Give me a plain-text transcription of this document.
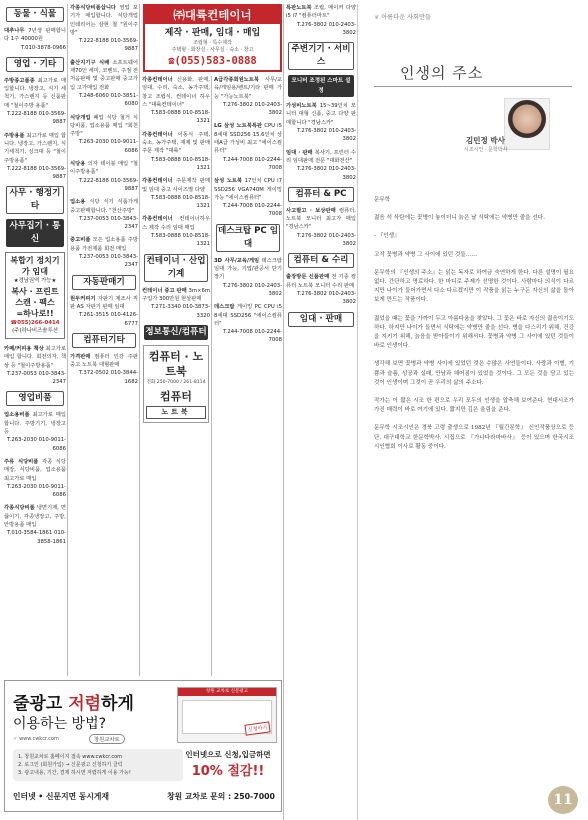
동물 · 식물
대추나무 7년생 판매합니다 1주 40000원
T.010-3878-0966
영업 · 기타
주방종고품종 최고가로 매입합니다. 냉장고, 식기 세척기, 가스렌지 등 신품판매 "철이주방 용품"
T.222-8188 010-3569-9887
주방용품 최고가로 매입 합니다. 냉장고, 가스렌지, 식기세척기, 싱크대 등 "철이주방용품"
T.222-8188 010-3569-9887
사무 · 행정기타
사무집기 · 통신
복합기 정치기가 임대
★경남권역 가능★
복사 · 프린트
스캔 · 팩스
=하나로!!
☎055)266-0414
(주)하나비즈솔루션
카페/커피용 책상 최고가로 매입 합니다. 회전의자, 책상 등 "철이주방용품"
T.237-0053 010-3843-2347
영업비품
업소용비품 최고가로 매입합니다. 주방기기, 냉장고 등
T.263-2030 010-9011-6086
주류 식당비품 각종 식당 매장, 식당비품, 업소용품 최고가로 매입
T.263-2030 010-9011-6086
각종식당비품 냉면기계, 면끓이기, 각종냉장고, 주방, 안방용품 매입
T.010-3584-1861 010-3858-1861
각종식당비품삽니다 영업 포기가 매입합니다. 식당개업 인테리어는 삼현 철 "원이주방"
T.222-8188 010-3569-9887
출산지기구 식배 소프트웨어 제70인 세미, 코벤트, 주점 전처음판매 및 중고판매 중고가입 고가매입 전화
T.248-6060 010-3851-6080
식당개업 폐업 식당 철거 식당비품, 업소용품 매입 "회천주방"
T.263-2030 010-9011-6086
식당용 의자 테이블 매입 "철이주방용품"
T.222-8188 010-3569-9887
업소용 식당 식기 식품가게 중고판매합니다. "천산주방"
T.237-0053 010-3843-2347
중고비품 모든 업소용품 주방용품 가전제품 회전 매입
T.237-0053 010-3843-2347
자동판매기
원두커피기 자판기 제조사 직판 AS 자판기 판매 임대
T.261-3515 010-4126-6777
컴퓨터기타
가격판매 컴퓨터 인강 주판 중고 노트북 대형판매
T.372-0502 010-3844-1682
㈜대륙컨테이너
제작 · 판매, 임대 · 매입
조립형 · 특수제작
주택형 · 화장실 · 사무실 · 숙소 · 창고
☎(055)583-0888
각종컨테이너 신용화, 판매, 임대, 수리, 숙소, 농가주택, 창고 조립식, 컨테이너 하우스 "대륙컨테이너"
T.583-0888 010-8518-1321
각종컨테이너 이동식 주택, 숙소, 농가주택, 재제 및 판매 주문 제작 "대륙"
T.583-0888 010-8518-1321
각종컨테이너 주문제작 판매 및 임대 중고 사이즈별 다양
T.583-0888 010-8518-1321
각종컨테이너 컨테이너하우스 제작 수리 임대 매입
T.583-0888 010-8518-1321
컨테이너 · 산업기계
컨테이너 중고 판매 3m×6m 구입가 300만원 현상판매
T.271-3340 010-3873-3320
정보통신/컴퓨터
컴퓨터 · 노트북
전화 250-7000 / 261-8114
컴퓨터
노트북
A급각종회원노트북 사무/교육/게임용/렌트/기타 판매 가능 "가능노트북"
T.276-3802 010-2403-3802
LG 삼성 노트북특판 CPU i5 8세대 SSD256 15.6인치 상태A급 가성비 최고 "에이스컴퓨터"
T.244-7008 010-2244-7008
삼성 노트북 17인치 CPU i7 SSD256 VGA740M 게이밍 가능 "에이스컴퓨터"
T.244-7008 010-2244-7008
데스크탑 PC 임대
3D 사무/교육/게임 데스크탑 임대 가능, 기업/관공서 단기 장기
T.276-3802 010-2403-3802
데스크탑 게이밍 PC CPU i5 8세대 SSD256 "에이스컴퓨터"
T.244-7008 010-2244-7008
특판노트북 조립, 메이커 다양 i5 i7 "컴퓨터마트"
T.276-3802 010-2403-3802
주변기기 · 서비스
모니터 조정된 스마트 설정
가성비노트북 15~39인치 모니터 대형 신품, 중고 다양 판매합니다 "경남스카"
T.276-3802 010-2403-3802
임대 · 판매 복사기, 프린터 수리 임대판매 전문 "대화전산"
T.276-3802 010-2403-3802
컴퓨터 & PC
사고팔고 · 보상판매 컴퓨터, 노트북 모니터 최고가 매입 "경남스카"
T.276-3802 010-2403-3802
컴퓨터 & 수리
출장방문 신품판매 전 기종 컴퓨터 노트북 모니터 수리 판매
T.276-3802 010-2403-3802
임대 · 판매
줄광고 저렴하게
이용하는 방법?
☞ www.cwkcr.com	창원교차로
창원 교차로 신문광고
신청하기
1. 창원교차로 홈페이지 접속 www.cwkcr.com
2. 로그인 (회원가입) → 신문광고 신청하기 클릭
3. 광고내용, 기간, 결제 하시면 저렴하게 이용 가능!
인터넷으로 신청,입금하면
10% 절감!!
인터넷 • 신문지면 동시게재	창원 교차로 문의 : 250-7000
❦ 아름다운 사회만들
인생의 주소
김민정 박사
시조시인 · 문학박사

문무학

젊음 석 삭탄에는 꽃병이 놓이더니 늙은 날 식탁에는 약병만 줄을 선다.

- 『인생』

고작 꽃병과 약병 그 사이에 있던 것들……

문무학의 『인생의 주소』는 읽는 독자로 하여금 숙연하게 한다. 다른 설명이 필요 없다. 간단하고 명료하다. 한 마디로 주제가 선명한 것이다. 사람마다 의식이 다르지만 나이가 들어가면서 다소 다르겠지만 이 작품을 읽는 누구든 자신의 삶을 돌아보게 만드는 작품이다.

젊었을 때는 꽃을 가까이 두고 아름다움을 찾았다. 그 꽃은 바로 자신의 젊음이기도 하다. 하지만 나이가 들면서 식탁에는 약병만 줄을 선다. 병을 다스리기 위해, 건강을 지키기 위해, 늙음을 받아들이기 위해서다. 꽃병과 약병 그 사이에 있던 것들이 바로 인생이다.

생각해 보면 꽃병과 약병 사이에 있었던 것은 수많은 사연들이다. 사랑과 이별, 기쁨과 슬픔, 성공과 실패, 만남과 헤어짐이 있었을 것이다. 그 모든 것을 담고 있는 것이 인생이며 그것이 곧 우리의 삶의 주소다.

작가는 이 짧은 시조 한 편으로 우리 모두의 인생을 압축해 보여준다. 현대시조가 가진 매력이 바로 여기에 있다. 짧지만 깊은 울림을 준다.

문무학 시조시인은 경북 고령 출생으로 1982년 『월간문학』 신인작품상으로 등단. 대구대학교 한문학박사. 시집으로 『가나다라마바사』 등이 있으며 한국시조시인협회 이사로 활동 중이다.

11
